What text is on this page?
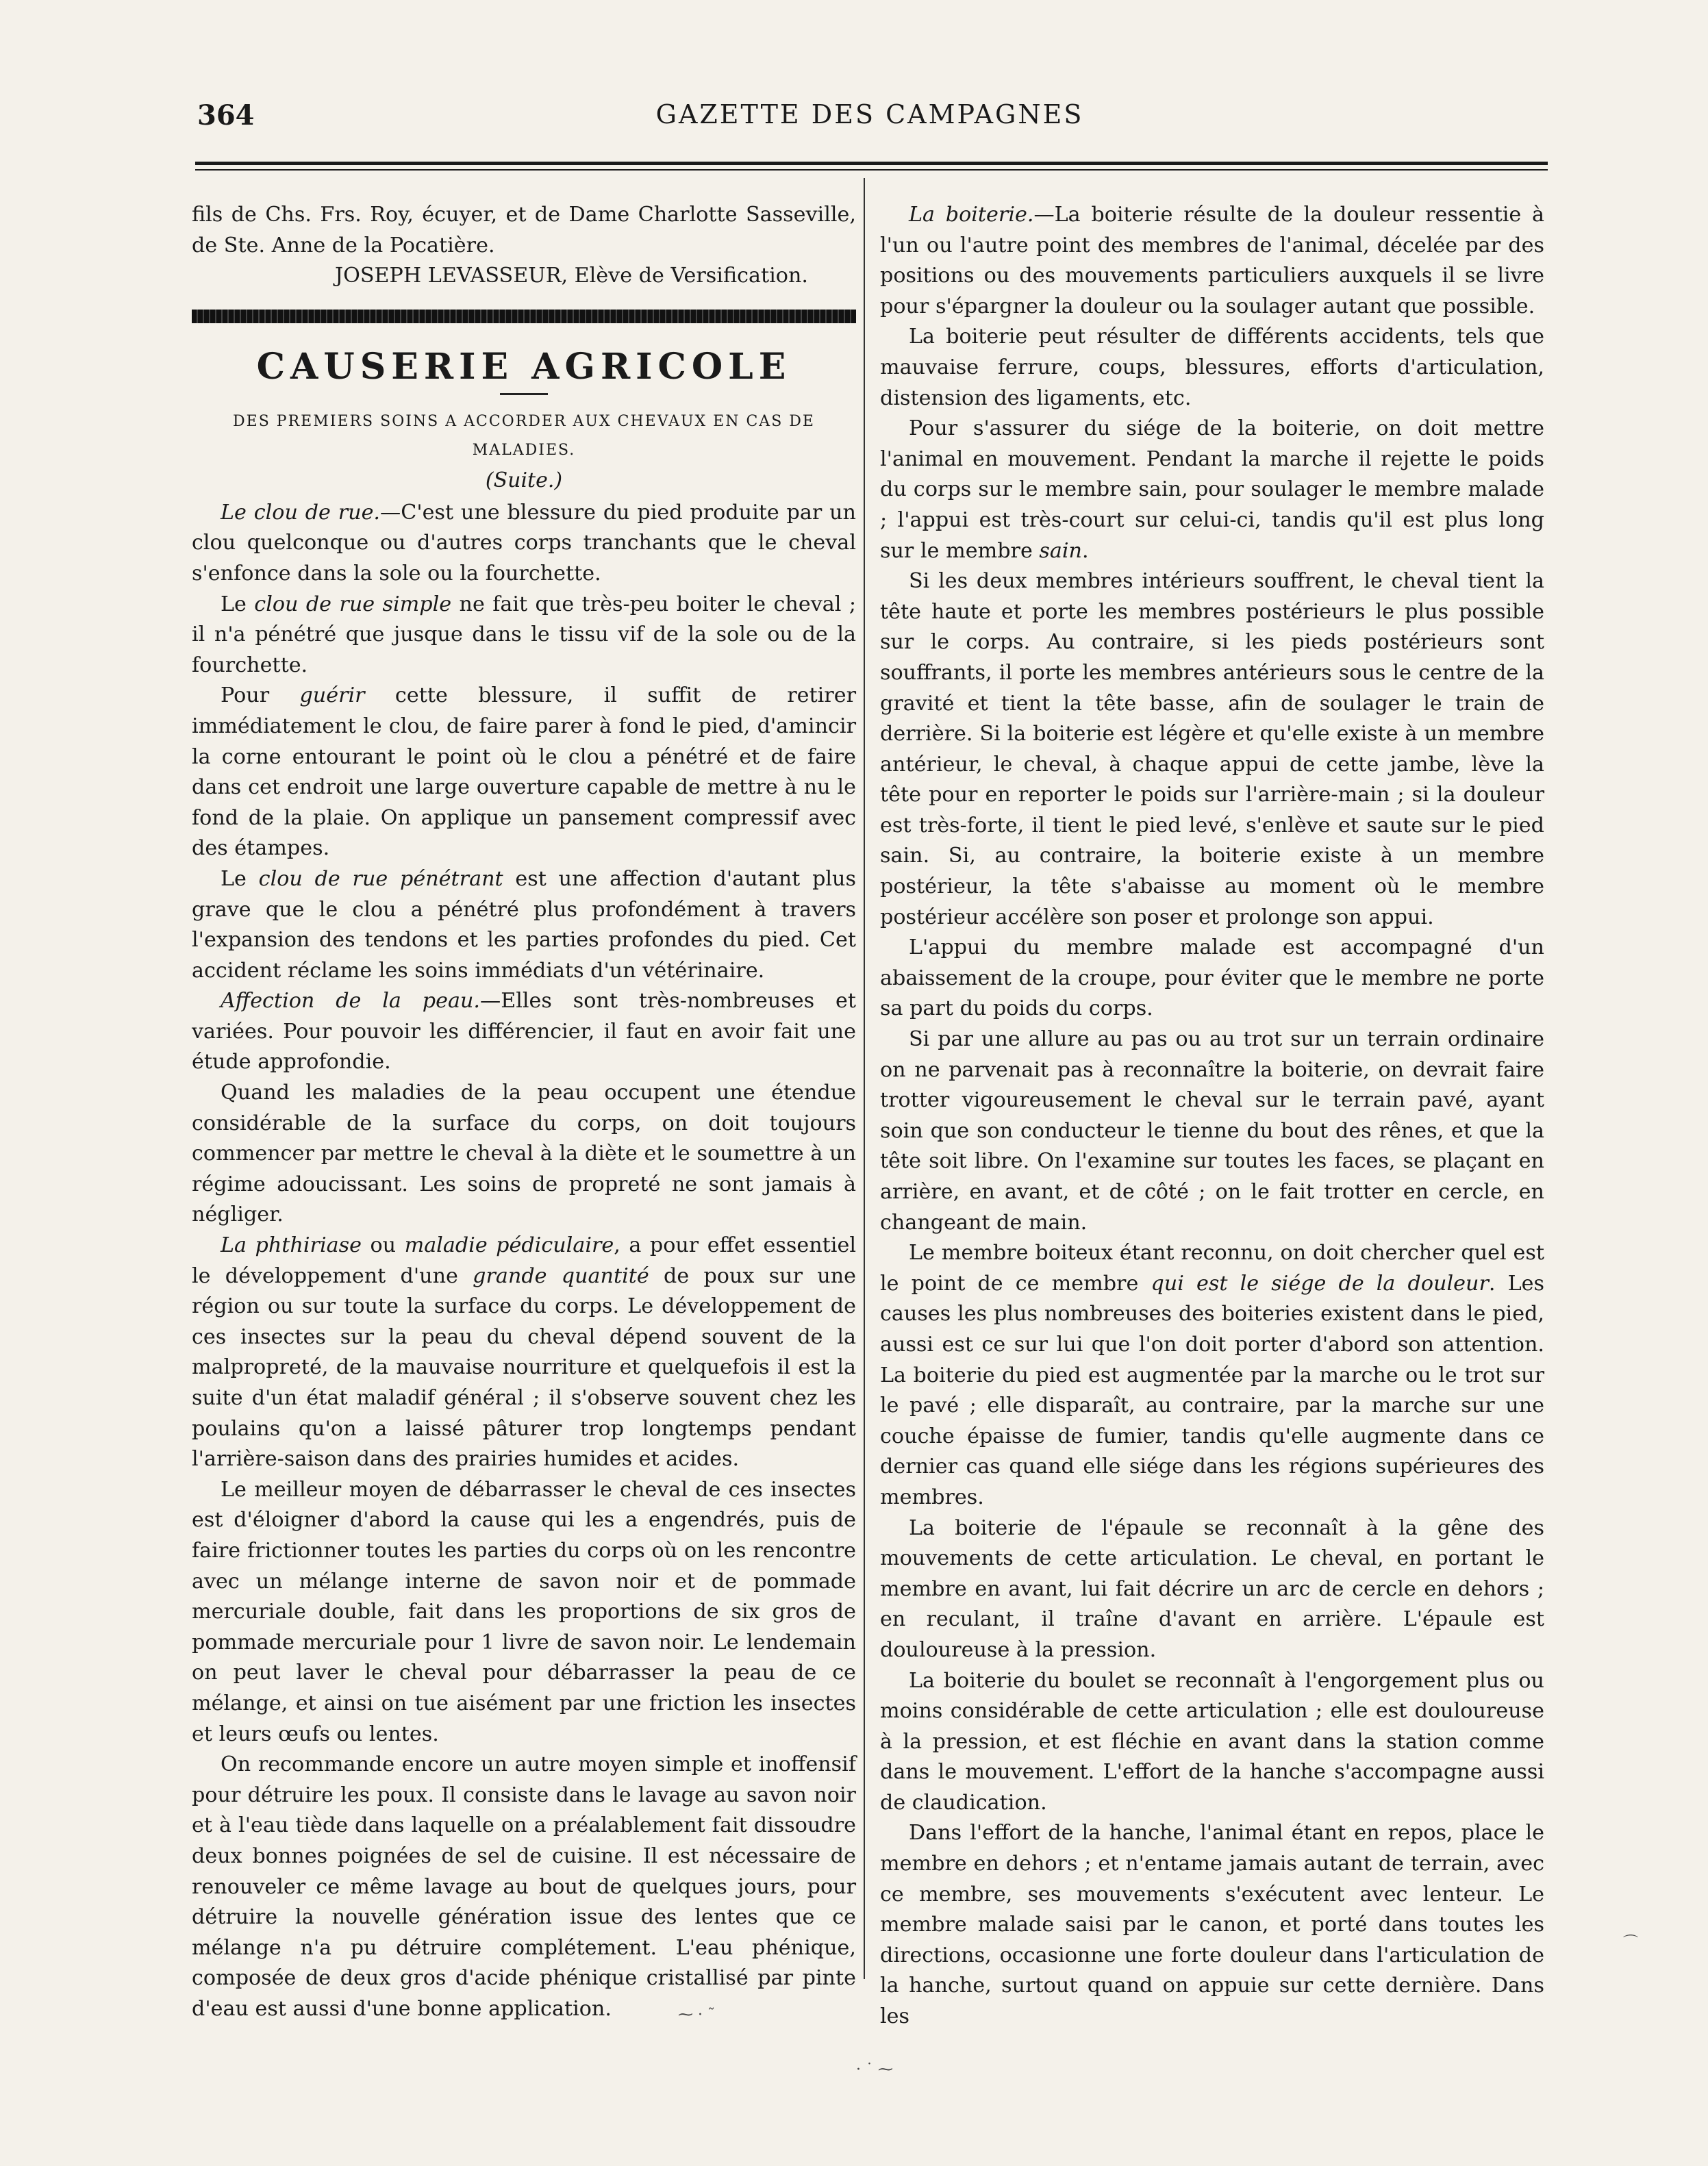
364	GAZETTE DES CAMPAGNES

fils de Chs. Frs. Roy, écuyer, et de Dame Charlotte Sasseville, de Ste. Anne de la Pocatière.

JOSEPH LEVASSEUR, Elève de Versification.

CAUSERIE AGRICOLE
DES PREMIERS SOINS A ACCORDER AUX CHEVAUX EN CAS DE MALADIES.
(Suite.)

Le clou de rue.—C'est une blessure du pied produite par un clou quelconque ou d'autres corps tranchants que le cheval s'enfonce dans la sole ou la fourchette.

Le clou de rue simple ne fait que très-peu boiter le cheval ; il n'a pénétré que jusque dans le tissu vif de la sole ou de la fourchette.

Pour guérir cette blessure, il suffit de retirer immédiatement le clou, de faire parer à fond le pied, d'amincir la corne entourant le point où le clou a pénétré et de faire dans cet endroit une large ouverture capable de mettre à nu le fond de la plaie. On applique un pansement compressif avec des étampes.

Le clou de rue pénétrant est une affection d'autant plus grave que le clou a pénétré plus profondément à travers l'expansion des tendons et les parties profondes du pied. Cet accident réclame les soins immédiats d'un vétérinaire.

Affection de la peau.—Elles sont très-nombreuses et variées. Pour pouvoir les différencier, il faut en avoir fait une étude approfondie.

Quand les maladies de la peau occupent une étendue considérable de la surface du corps, on doit toujours commencer par mettre le cheval à la diète et le soumettre à un régime adoucissant. Les soins de propreté ne sont jamais à négliger.

La phthiriase ou maladie pédiculaire, a pour effet essentiel le développement d'une grande quantité de poux sur une région ou sur toute la surface du corps. Le développement de ces insectes sur la peau du cheval dépend souvent de la malpropreté, de la mauvaise nourriture et quelquefois il est la suite d'un état maladif général ; il s'observe souvent chez les poulains qu'on a laissé pâturer trop longtemps pendant l'arrière-saison dans des prairies humides et acides.

Le meilleur moyen de débarrasser le cheval de ces insectes est d'éloigner d'abord la cause qui les a engendrés, puis de faire frictionner toutes les parties du corps où on les rencontre avec un mélange interne de savon noir et de pommade mercuriale double, fait dans les proportions de six gros de pommade mercuriale pour 1 livre de savon noir. Le lendemain on peut laver le cheval pour débarrasser la peau de ce mélange, et ainsi on tue aisément par une friction les insectes et leurs œufs ou lentes.

On recommande encore un autre moyen simple et inoffensif pour détruire les poux. Il consiste dans le lavage au savon noir et à l'eau tiède dans laquelle on a préalablement fait dissoudre deux bonnes poignées de sel de cuisine. Il est nécessaire de renouveler ce même lavage au bout de quelques jours, pour détruire la nouvelle génération issue des lentes que ce mélange n'a pu détruire complétement. L'eau phénique, composée de deux gros d'acide phénique cristallisé par pinte d'eau est aussi d'une bonne application.

La boiterie.—La boiterie résulte de la douleur ressentie à l'un ou l'autre point des membres de l'animal, décelée par des positions ou des mouvements particuliers auxquels il se livre pour s'épargner la douleur ou la soulager autant que possible.

La boiterie peut résulter de différents accidents, tels que mauvaise ferrure, coups, blessures, efforts d'articulation, distension des ligaments, etc.

Pour s'assurer du siége de la boiterie, on doit mettre l'animal en mouvement. Pendant la marche il rejette le poids du corps sur le membre sain, pour soulager le membre malade ; l'appui est très-court sur celui-ci, tandis qu'il est plus long sur le membre sain.

Si les deux membres intérieurs souffrent, le cheval tient la tête haute et porte les membres postérieurs le plus possible sur le corps. Au contraire, si les pieds postérieurs sont souffrants, il porte les membres antérieurs sous le centre de la gravité et tient la tête basse, afin de soulager le train de derrière. Si la boiterie est légère et qu'elle existe à un membre antérieur, le cheval, à chaque appui de cette jambe, lève la tête pour en reporter le poids sur l'arrière-main ; si la douleur est très-forte, il tient le pied levé, s'enlève et saute sur le pied sain. Si, au contraire, la boiterie existe à un membre postérieur, la tête s'abaisse au moment où le membre postérieur accélère son poser et prolonge son appui.

L'appui du membre malade est accompagné d'un abaissement de la croupe, pour éviter que le membre ne porte sa part du poids du corps.

Si par une allure au pas ou au trot sur un terrain ordinaire on ne parvenait pas à reconnaître la boiterie, on devrait faire trotter vigoureusement le cheval sur le terrain pavé, ayant soin que son conducteur le tienne du bout des rênes, et que la tête soit libre. On l'examine sur toutes les faces, se plaçant en arrière, en avant, et de côté ; on le fait trotter en cercle, en changeant de main.

Le membre boiteux étant reconnu, on doit chercher quel est le point de ce membre qui est le siége de la douleur. Les causes les plus nombreuses des boiteries existent dans le pied, aussi est ce sur lui que l'on doit porter d'abord son attention. La boiterie du pied est augmentée par la marche ou le trot sur le pavé ; elle disparaît, au contraire, par la marche sur une couche épaisse de fumier, tandis qu'elle augmente dans ce dernier cas quand elle siége dans les régions supérieures des membres.

La boiterie de l'épaule se reconnaît à la gêne des mouvements de cette articulation. Le cheval, en portant le membre en avant, lui fait décrire un arc de cercle en dehors ; en reculant, il traîne d'avant en arrière. L'épaule est douloureuse à la pression.

La boiterie du boulet se reconnaît à l'engorgement plus ou moins considérable de cette articulation ; elle est douloureuse à la pression, et est fléchie en avant dans la station comme dans le mouvement. L'effort de la hanche s'accompagne aussi de claudication.

Dans l'effort de la hanche, l'animal étant en repos, place le membre en dehors ; et n'entame jamais autant de terrain, avec ce membre, ses mouvements s'exécutent avec lenteur. Le membre malade saisi par le canon, et porté dans toutes les directions, occasionne une forte douleur dans l'articulation de la hanche, surtout quand on appuie sur cette dernière. Dans les

⁓ · ˜
· ˙ ⁓
⌒
